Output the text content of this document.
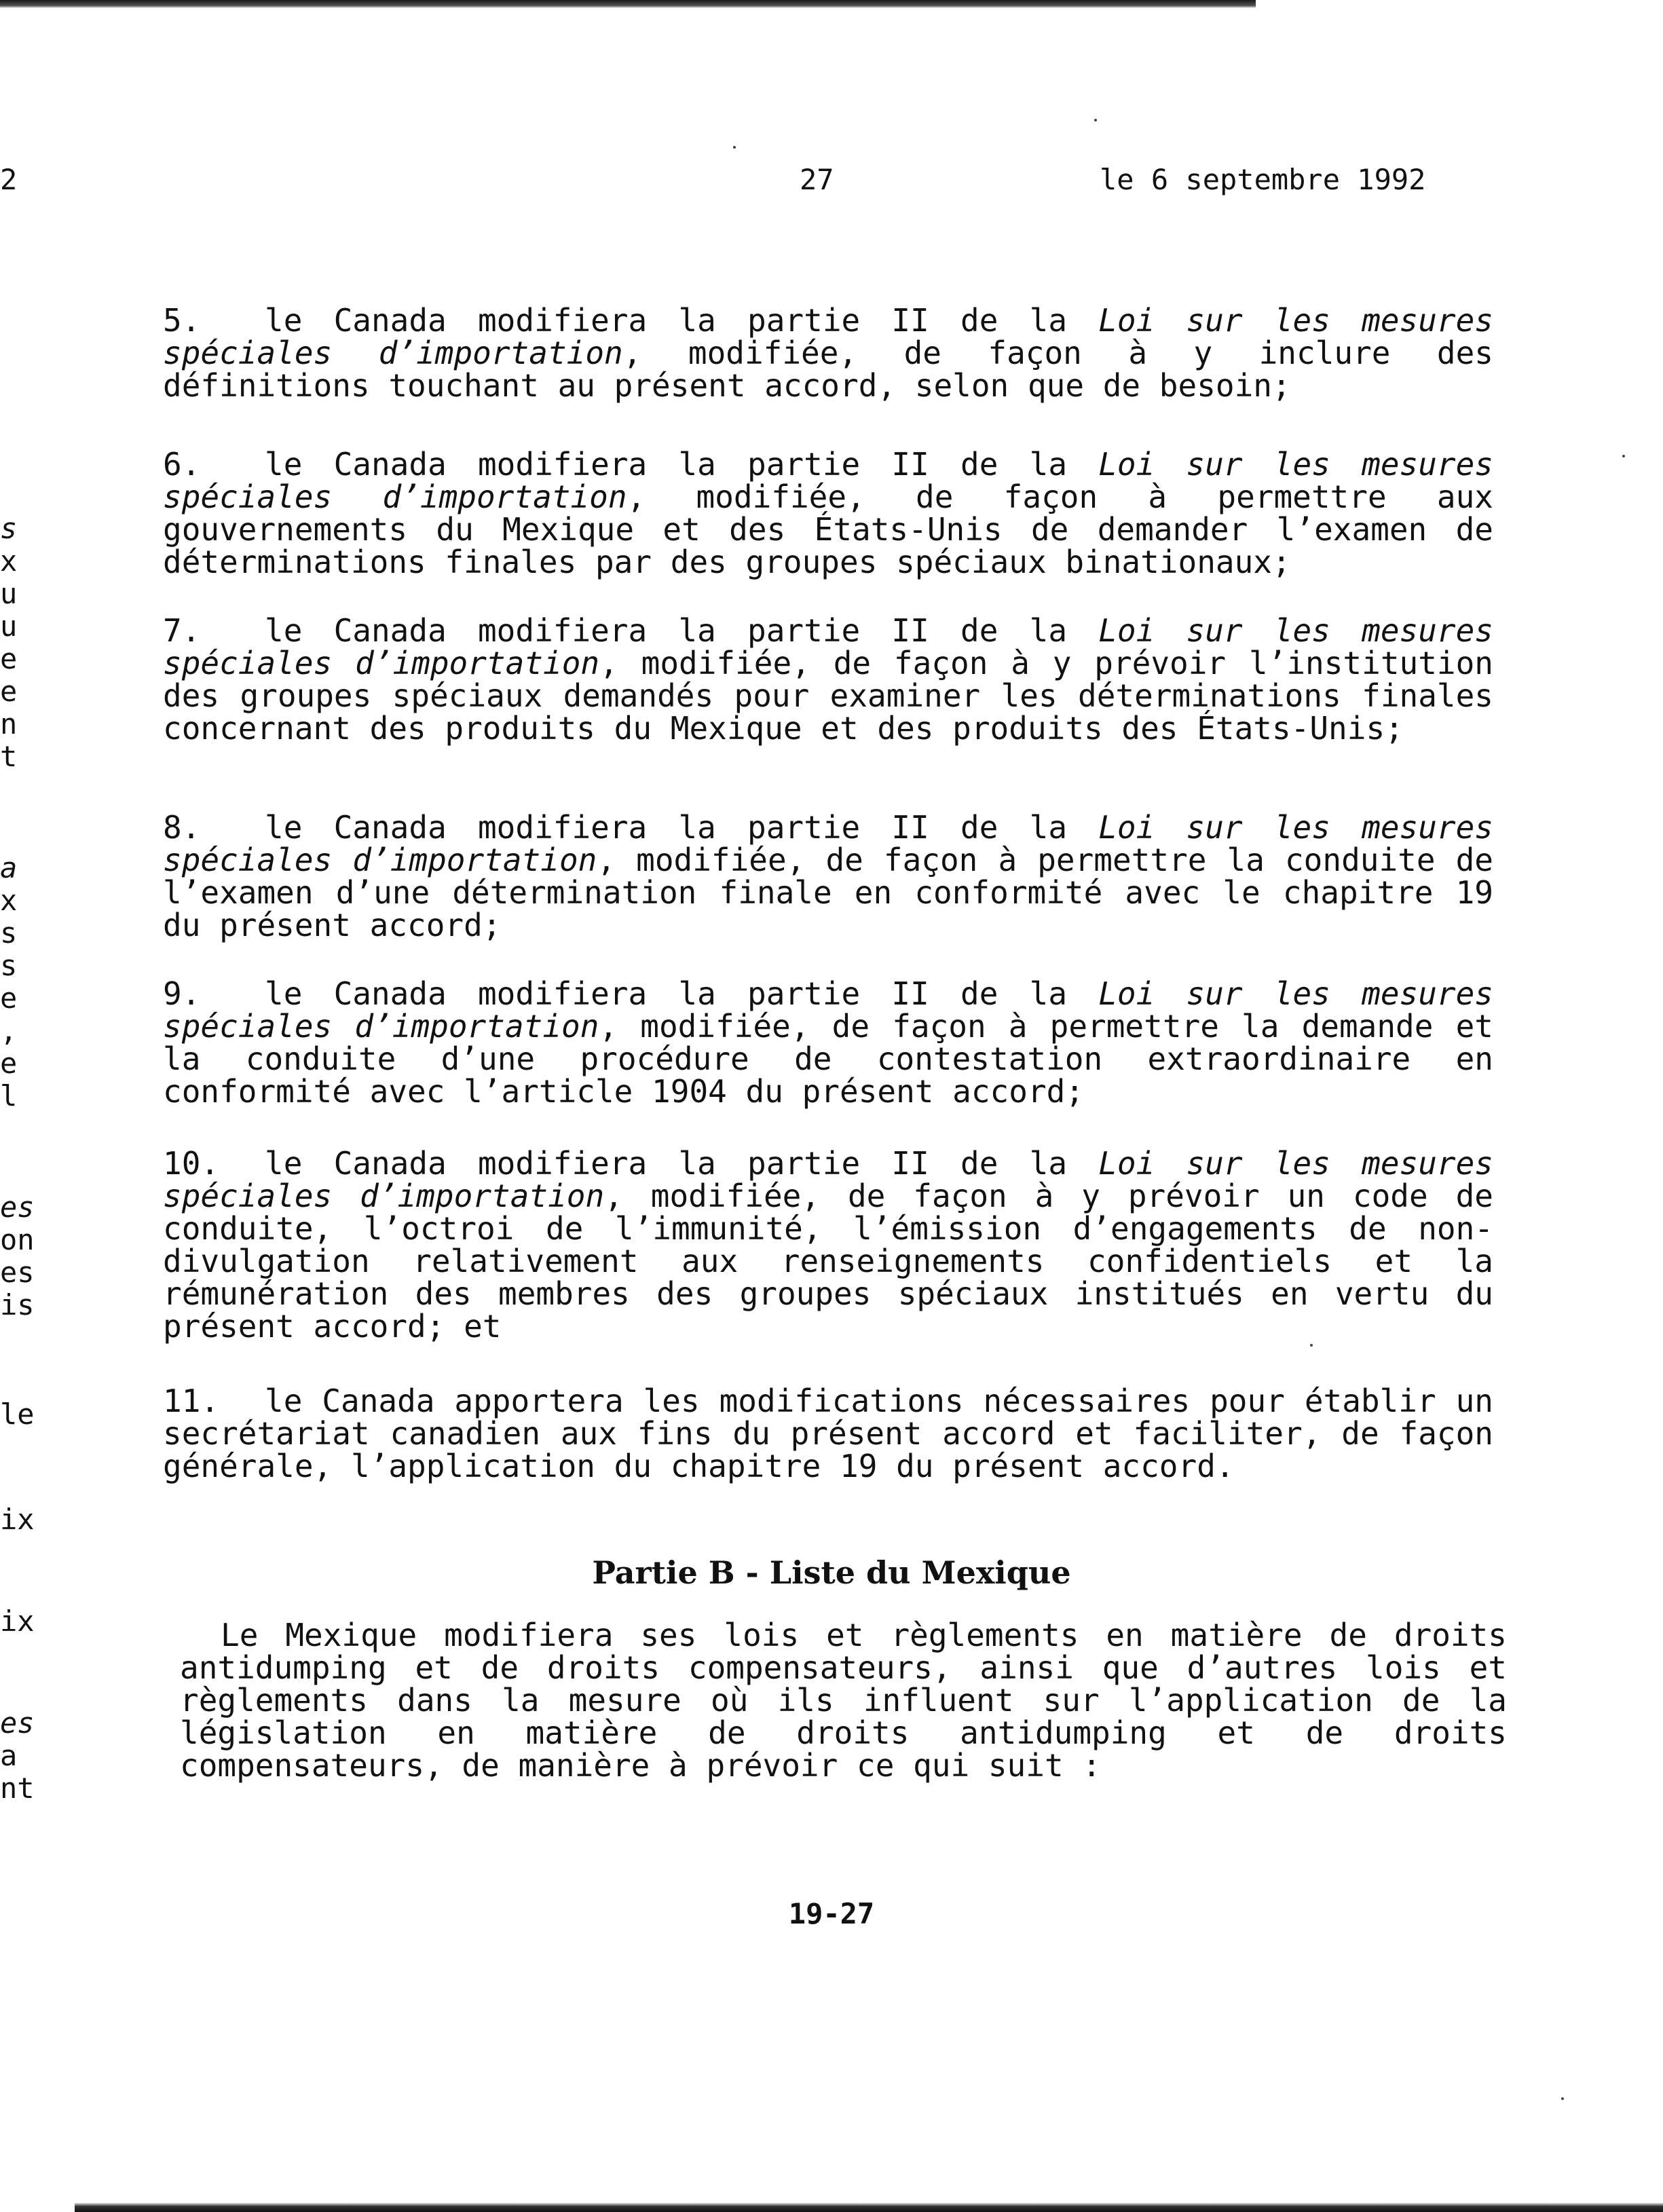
2	27	le 6 septembre 1992
s
x
u
u
e
e
n
t
a
x
s
s
e
,
e
l
es
on
es
is
le
ix
ix
es
a
nt
5. le Canada modifiera la partie II de la Loi sur les mesures spéciales d’importation, modifiée, de façon à y inclure des définitions touchant au présent accord, selon que de besoin;
6. le Canada modifiera la partie II de la Loi sur les mesures spéciales d’importation, modifiée, de façon à permettre aux gouvernements du Mexique et des États-Unis de demander l’examen de déterminations finales par des groupes spéciaux binationaux;
7. le Canada modifiera la partie II de la Loi sur les mesures spéciales d’importation, modifiée, de façon à y prévoir l’institution des groupes spéciaux demandés pour examiner les déterminations finales concernant des produits du Mexique et des produits des États-Unis;
8. le Canada modifiera la partie II de la Loi sur les mesures spéciales d’importation, modifiée, de façon à permettre la conduite de l’examen d’une détermination finale en conformité avec le chapitre 19 du présent accord;
9. le Canada modifiera la partie II de la Loi sur les mesures spéciales d’importation, modifiée, de façon à permettre la demande et la conduite d’une procédure de contestation extraordinaire en conformité avec l’article 1904 du présent accord;
10. le Canada modifiera la partie II de la Loi sur les mesures spéciales d’importation, modifiée, de façon à y prévoir un code de conduite, l’octroi de l’immunité, l’émission d’engagements de non-divulgation relativement aux renseignements confidentiels et la rémunération des membres des groupes spéciaux institués en vertu du présent accord; et
11. le Canada apportera les modifications nécessaires pour établir un secrétariat canadien aux fins du présent accord et faciliter, de façon générale, l’application du chapitre 19 du présent accord.
Partie B - Liste du Mexique
Le Mexique modifiera ses lois et règlements en matière de droits antidumping et de droits compensateurs, ainsi que d’autres lois et règlements dans la mesure où ils influent sur l’application de la législation en matière de droits antidumping et de droits compensateurs, de manière à prévoir ce qui suit :
19-27
